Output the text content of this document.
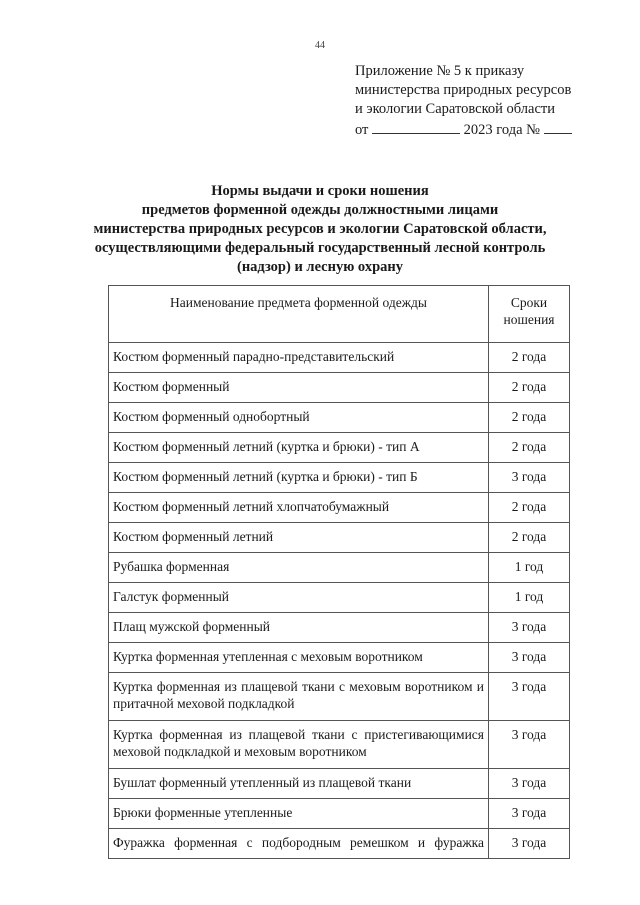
44
Приложение № 5 к приказу
министерства природных ресурсов
и экологии Саратовской области
от	2023 года №
Нормы выдачи и сроки ношения
предметов форменной одежды должностными лицами
министерства природных ресурсов и экологии Саратовской области,
осуществляющими федеральный государственный лесной контроль
(надзор) и лесную охрану
Наименование предмета форменной одежды	Сроки ношения
Костюм форменный парадно-представительский	2 года
Костюм форменный	2 года
Костюм форменный однобортный	2 года
Костюм форменный летний (куртка и брюки) - тип А	2 года
Костюм форменный летний (куртка и брюки) - тип Б	3 года
Костюм форменный летний хлопчатобумажный	2 года
Костюм форменный летний	2 года
Рубашка форменная	1 год
Галстук форменный	1 год
Плащ мужской форменный	3 года
Куртка форменная утепленная с меховым воротником	3 года
Куртка форменная из плащевой ткани с меховым воротником и притачной меховой подкладкой	3 года
Куртка форменная из плащевой ткани с пристегивающимися меховой подкладкой и меховым воротником	3 года
Бушлат форменный утепленный из плащевой ткани	3 года
Брюки форменные утепленные	3 года
Фуражка форменная с подбородным ремешком и фуражка	3 года
